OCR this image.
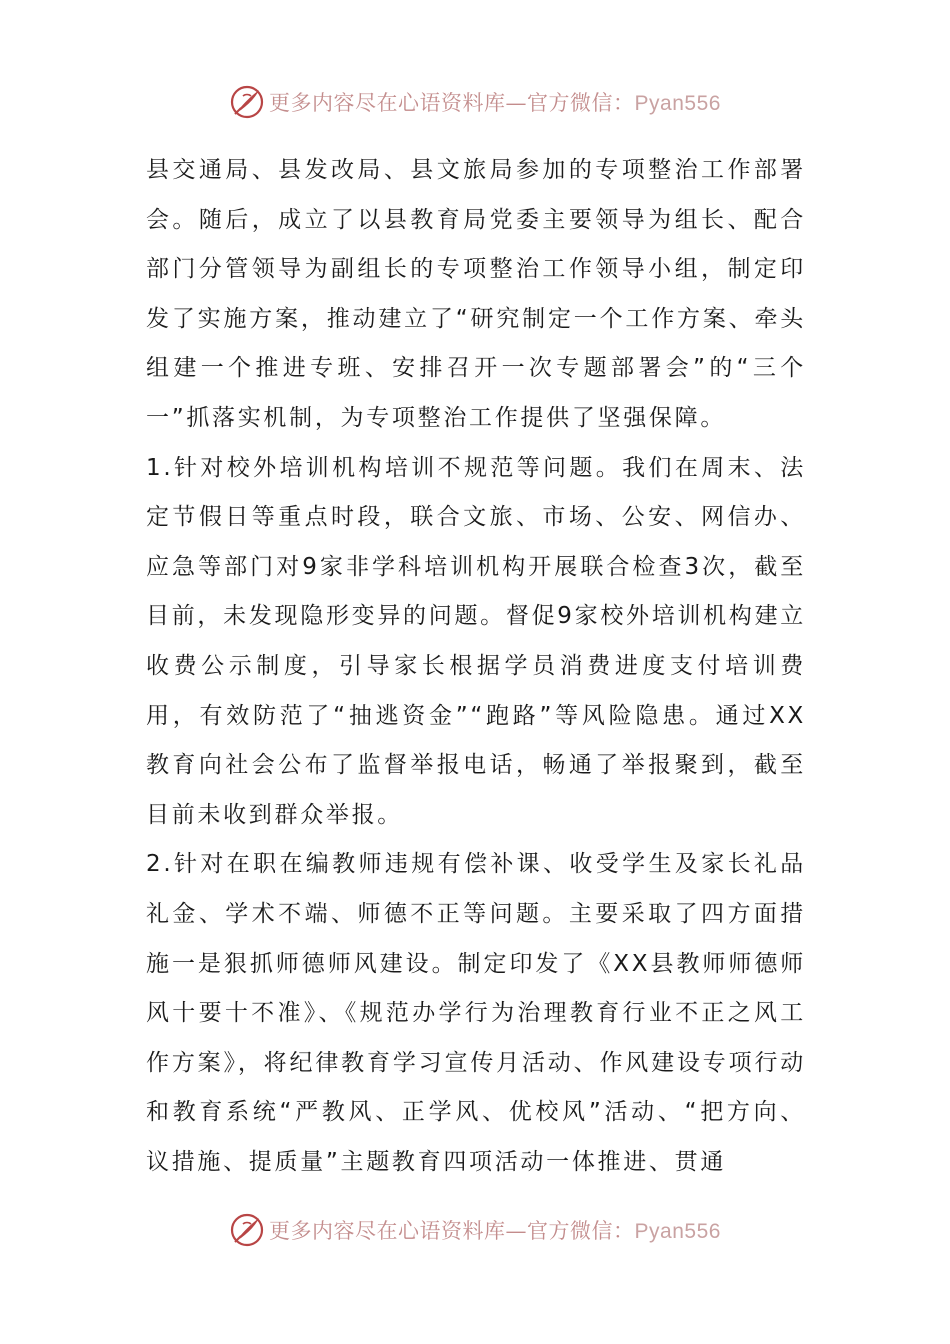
更多内容尽在心语资料库—官方微信：Pyan556

县交通局、县发改局、县文旅局参加的专项整治工作部署会。随后，成立了以县教育局党委主要领导为组长、配合部门分管领导为副组长的专项整治工作领导小组，制定印发了实施方案，推动建立了“研究制定一个工作方案、牵头组建一个推进专班、安排召开一次专题部署会”的“三个一”抓落实机制，为专项整治工作提供了坚强保障。

1.针对校外培训机构培训不规范等问题。我们在周末、法定节假日等重点时段，联合文旅、市场、公安、网信办、应急等部门对9家非学科培训机构开展联合检查3次，截至目前，未发现隐形变异的问题。督促9家校外培训机构建立收费公示制度，引导家长根据学员消费进度支付培训费用，有效防范了“抽逃资金”“跑路”等风险隐患。通过XX教育向社会公布了监督举报电话，畅通了举报聚到，截至目前未收到群众举报。

2.针对在职在编教师违规有偿补课、收受学生及家长礼品礼金、学术不端、师德不正等问题。主要采取了四方面措施一是狠抓师德师风建设。制定印发了《XX县教师师德师风十要十不准》、《规范办学行为治理教育行业不正之风工作方案》，将纪律教育学习宣传月活动、作风建设专项行动和教育系统“严教风、正学风、优校风”活动、“把方向、议措施、提质量”主题教育四项活动一体推进、贯通

更多内容尽在心语资料库—官方微信：Pyan556
